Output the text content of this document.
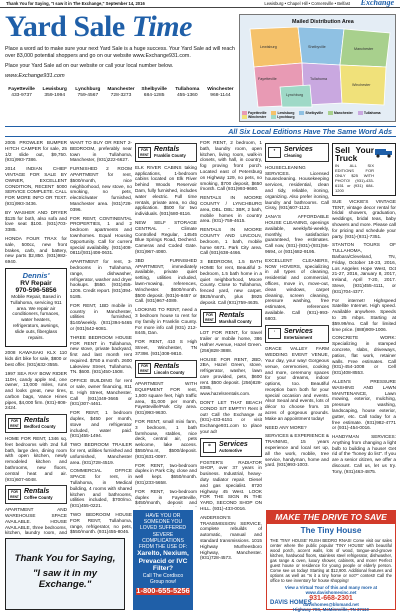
Thank You for Saying, "I saw it in The Exchange," September 14, 2016	Lewisburg • Chapel Hill • Cornersville • Belfast Exchange
Yard Sale Time

Place a word ad to make sure your next Yard Sale is a huge success. Your Yard Sale ad will reach over 83,000 potential shoppers and go on our website www.Exchange931.com.

Place your Yard Sale ad on our website or call your local number below.

www.Exchange931.com
Fayetteville
433-9737
Lewisburg
359-1994
Lynchburg
759-4567
Manchester
728-3273
Shelbyville
684-1285
Tullahoma
455-1360
Winchester
968-1144
Mailed Distribution Area
Lewisburg	Shelbyville	Manchester
Tullahoma
Winchester
Lynchburg
Fayetteville
Fayetteville	Lewisburg	Shelbyville	Manchester	Tullahoma Winchester	Lynchburg
All Six Local Editions Have The Same Word Ads

2005 PROWLER BUMPER HITCH CAMPER for sale, 25 1/2 slide out, $9,750. (931)993-7386.

2014 INDIAN CHIEF VINTAGE FOR SALE BY OWNER, EXCELLENT CONDITION, RECENT 5000 SERVICE COMPLETE. CALL FOR MORE INFO OR TEXT. (931)993-3436.

BY WASHER AND DRYER $125 for both, also sofa and love seat $100. (931)703-3385.

HONDA FOUR TRAX for sale, 500cc, new front brakes, carb, and battery, new parts $2,850. (931)982-6940.

Dennis'
RV Repair
970-596-5856

Mobile Repair, Based in Tullahoma, servicing 911 area. We repair air conditioners, furnaces, water heaters, refrigerators, awnings, slide outs, fiberglass repairs.

2008 KAWASAKI KLX 110 kids dirt bike for sale, $800 or best offer. (931)632-3555.

1997 SEA RAY BOW RIDER 110H, candy apple red, one owner, 13,000 miles, runs and looks great, new tires, carbon bags, Vance Hines pipes, $4,000 firm. (931)-808-2424.

FOR RENT
Rentals
Bedford County

HOME FOR RENT, 1346 sq. feet bedrooms with 2nd full bath, large den, dining room with open kitchen, newly remodeled kitchen and bathrooms, new floors, central heat and air. (931)607-6048.

FOR RENT
Rentals
Coffee County

APARTMENT AND WAREHOUSE SPACE AVAILABLE. HOUSE AVAILABLE, three bedrooms, kitchen, laundry room, and

WANT TO BUY OR RENT 2-BEDROOM, preferably near town in Tullahoma, Manchester, (931)222-6627.

FURNISHED 2 ROOM APARTMENT for rent, $500/month, nice neighborhood, new stove, no smoking, no pets, electric/water furnished, Manchester area. (931)728-0396.

FOR RENT, CONTINENTAL PROPERTIES, 1 and 2 bedroom apartments and townhomes. Equal Housing Opportunity. Call for current special availability. (931)408-0811/(931)408-0631.

APARTMENT for rent, 3-bedrooms in Tullahoma, range, dishwasher, refrigerator, washer and dryer hookups. $550. (931)455-1206. Credit report. (931)394-5185.

FOR RENT, 1BD mobile in country in Manchester, utilities furnished, $140/weekly. (931)394-5465 or (931)542-6081.

THREE BEDROOM HOUSE FOR RENT in Tullahoma, new stove, private backyard, first and last month rent required. $750 a month. 2600 Lakeview Street, Tullahoma, TN. $600. (931)450-1508.

OFFICE BUILDING for rent or sale, owner financing, 811 E. High Street, Manchester. Call (931)349-3665 or (931)307-4461.

FOR RENT, 1 bedroom duplex, $450 per month, stove and refrigerator included, water paid. (931)455-1494.

TWO BEDROOM TRAILER for rent, utilities furnished and unfurnished, Manchester area. (931)728-4519.

COMMERCIAL OFFICE SPACE for rent, in Tullahoma, in Medical building, 4 rooms with shared kitchen and bathrooms, utilities included, $700/mo. (931)455-0221.

TWO BEDROOM HOUSE FOR RENT, Tullahoma, range, refrigerator, no pets, $550/month. (931)455-8046.

FOR RENT
Rentals
Franklin County

ELK RIVER CABINS taking applications, 1-bedroom cabins located on Elk River behind Woods Reservoir Dam, fully furnished, includes water electric. Full time rentals, private area, no dog application. $500 for two individuals. (931)580-8116.

NEW SELF STORAGE CENTRAL - Climate Controlled Regular, 14545 Blue Springs Road, Decherd. Cameras and Coded Gate. (931)967-4080.

3BD FURNISHED APARTMENT, immediately available, private quiet setting, utilities included, lawn-mowing, references, Winchester. $600/month. $500 deposit. (931)6-8457 or Call. (931)967-4089.

LOOKING TO RENT, need a 3 bedroom house to rent for my family in Franklin County. For more info call (931) 212-8445, Dan.

FOR RENT, 410 S High Street, Winchester, TN 37398. (931)308-9810.

FOR RENT
Rentals
Lincoln County

APARTMENT WITH EQUIPMENT FOR rent, 1,500 square feet, high traffic area, $1,000 per month, Fayetteville/Park City area. (931)993-9630.

FOR RENT, small mini farm, 3 bedroom, 1 bath farmhouse, stables, nice deck, central air, pets welcome, lake access. $550/mo.nt, $500/deposit. (931)631-0097.

FOR RENT, two-bedroom duplex in Park City, close and well kept. $650/month. (931)233-5658.

FOR RENT, two-bedroom duplex in Fayetteville, $450/month, deposit and

FOR RENT, 2 bedroom, 1 bath, laundry room, open kitchen, living room, walk-in closets, with hall, in country, fog proving front porch. Located east of Petersburg on Highway 129, no pets, no smoking, $700 deposit, $650 /month. Call (931)993-9680.

RENTALS IN MOORE COUNTY / LYNCHBURG area, DBL. DBL: 3BR, 2 bath, mobile homes in country area. (931)-759-4615.

RENTALS IN MOORE COUNTY AND LINCOLN, bedroom, 1 bath, mobile home 6671. Park City area. Call (931)638-4466.

3 BEDROOM, 1.5 BATH HOME for rent, Beautiful 3-bedroom, 1.5 bath home in a quiet neighborhood, Moore County. Close to Tullahoma, fenced yard, new carpet. $925/month, plus $925 deposit. Call (931)759-4635.

FOR RENT
Rentals
Marshall County

LOT FOR RENT, for travel trailer or mobile home, 386 Hafner Avenue, Hazel Green. (256)828-3888.

HOUSE FOR RENT, 2BD, 2BA, Hazel Green, stove, refrigerator, washer, lawn care provided, pets, $600 rent. $500 deposit. (256)828-8385, www.hazelsrentals.com.

DON'T LET THAT BEACH CONDO SIT EMPTY! Rent it out! Call the Exchange at (931)-433-6151 or visit Exchange931.com to place your ad!

⚙	Services
Automotive

FOSTER'S RADIATOR SHOP, over 37 years in business. Industrial, heavy-duty radiator repair. Diesel and gas specialist. 8720 Highway 45 West. LOOK FOR THE SIGN IN THE YARD, SECOND SHOP ON HILL. (931)-433-0016.

ANDERSON'S TRANSMISSION SERVICE, complete rebuilds of automatic, manual and standard transmissions. 1015 Highway Murfreesboro Highway, Manchester. (931)728-4573.

✦	Services
Cleaning

HOUSECLEANING SERVICES. Licensed housecleaning. Housekeeping services, residential, clean and tidy, reliable, ironing, organizing. Also prefer ironing, laundry and bathrooms. Call Cissy, (931)607-1122.

JANA'S AFFORDABLE HOUSE CLEANING, openings available, weekly/bi-weekly, monthly, satisfaction guaranteed, free estimates. Call now, (931)-(931)-(931)56-9694, or (931)682-9195.

EXCELLENT CLEANERS, NOW HOVERS, specializing in all types of cleaning, residential and commercial, offices, move in, move-out, clean windows, carpet cleaning, screen cleaning, pressure washing, free estimates, references available. Call (931)-993-6803.

♪	Services
Entertainment

GRACE VALLEY FARM WEDDING EVENT VENUE, Your day, your way! Gorgeous venue, ceremonies, cooking and more, ceremony spaces for your dreams, indoor options, too. Beautiful reception barn both for your special occasion and events. Also! Seoal and events, lots of décor to choose from. 15 acres of gorgeous grounds. Make an appointment today!

NEED ANY MORE?

SERVICES & EXPERIENCE & TRAINING, 15 years experience and local set up, all the work, mobile, tree service, handyman, home and yard. (931)993-1003.

Sell Your Truck
IN ALL SIX EDITIONS FOR ONLY $25 WITH PHOTO! (931)-433-6151 or (931) 684-1200

SUE VICKIE'S VINTAGE TENT, vintage decor rental for bridal showers, graduation, weddings, bridal teas, baby showers and more. Please call for pricing and schedule your party. (931)-(931)-7351.

STANTON TOURS OF TULLAHOMA, Barbara/Cleveland, TN, Friday, October 18-23, 2016, Los Angeles Hope West, Oct 21-27, 2016, January 8, 2017, Ireland, April 7-20, 2017. Steve, (931)455-4111, or (931)704-4377.

For internet! Highspeed Satellite Internet. High speed. Available anywhere. Speeds to 25 mbps. Starting at $59.99/mo. Call for limited time price. (888)909-1006.

CONCRETE WORK: Specializing in stamped concrete, slabs, driveways, patios, flat work, retainer walls. Free estimates. Call (931)-454-1008 or Cell (931)408-8553.

ALLEN'S PRESSURE WASHING AND LAWN MAINTENANCE, Lawn mowing, exterior, mulching, pressure washing, landscaping, house exterior, gutter, etc. Call today for a free estimate. (931)982-4771 or (931)-454-0016.

HANDYMAN SERVICES: Anything from changing a light bulb to building a house! Get rid of the "honey do list". If you are a senior citizen, we offer a discount. Call us, let us try. Tony, (931)463-4875.

Thank You for Saying,
"I saw it in my Exchange."
HAVE YOU OR SOMEONE YOU LOVED SUFFERED SEVERE COMPLICATIONS FROM THE USE OF:
Xarelto, Nexium, Prevacid or IVC Filter?
Call The Cordisco Group now!
1-800-655-5256
MAKE THE DRIVE TO SAVE
The Tiny House
THE 'TINY HOUSE' RUSH BEDRO RNAS! Come visit our sales center where the public popular 'TINY HOUSE' with beautiful wood porch, accent walls, lots of wood, tongue-and-groove kitchen, hardwood floors, stainless steel refrigerator, dishwasher, gas range & oven, luxury shower, cabinets, and more! Perfect guest house or residence for young people or elderly person. Come see us today! Starting at $12,900. Additional features and options as well as "Is it a tiny home or not?" contest! Call the office to see inventory for house shopping!
View a Virtual Tour of this and many more at
www.davishomesinc.net
931-668-2301
davishomes@blomand.net
Highway 70S, McMinnville, TN 37110
DAVIS HOMES
